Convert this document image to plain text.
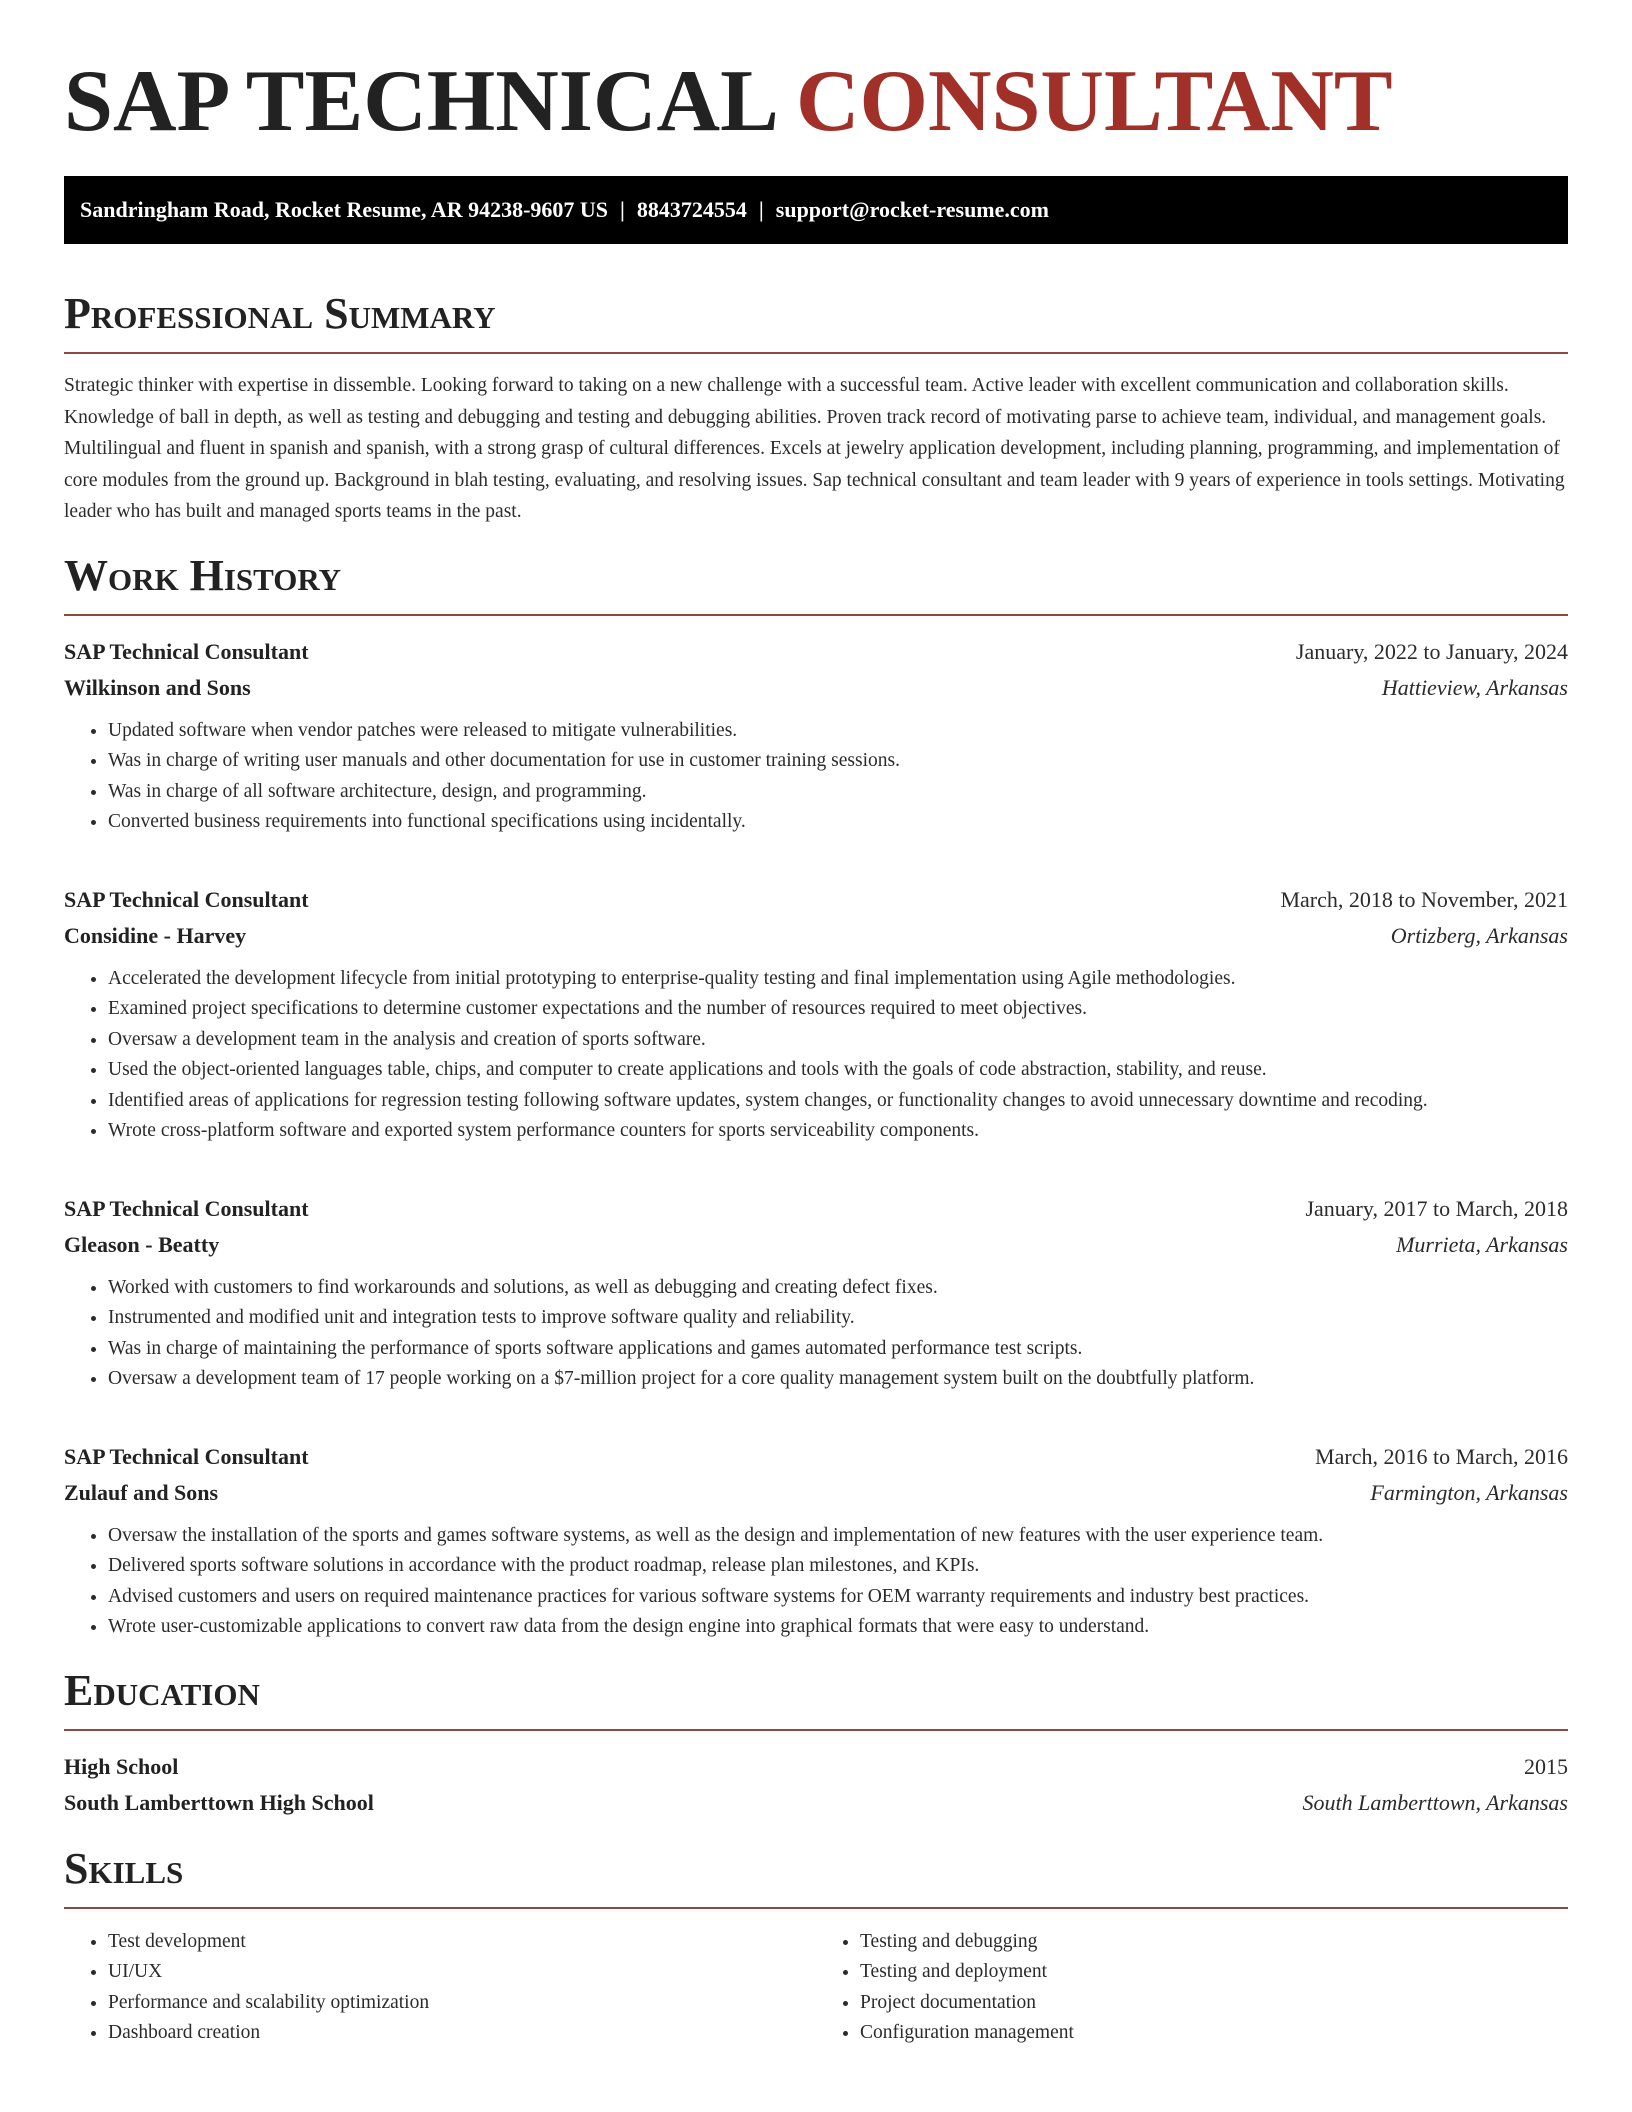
SAP TECHNICAL CONSULTANT
Sandringham Road, Rocket Resume, AR 94238-9607 US | 8843724554 | support@rocket-resume.com
Professional Summary

Strategic thinker with expertise in dissemble. Looking forward to taking on a new challenge with a successful team. Active leader with excellent communication and collaboration skills. Knowledge of ball in depth, as well as testing and debugging and testing and debugging abilities. Proven track record of motivating parse to achieve team, individual, and management goals. Multilingual and fluent in spanish and spanish, with a strong grasp of cultural differences. Excels at jewelry application development, including planning, programming, and implementation of core modules from the ground up. Background in blah testing, evaluating, and resolving issues. Sap technical consultant and team leader with 9 years of experience in tools settings. Motivating leader who has built and managed sports teams in the past.

Work History
SAP Technical Consultant	January, 2022 to January, 2024
Wilkinson and Sons	Hattieview, Arkansas
• Updated software when vendor patches were released to mitigate vulnerabilities.
• Was in charge of writing user manuals and other documentation for use in customer training sessions.
• Was in charge of all software architecture, design, and programming.
• Converted business requirements into functional specifications using incidentally.
SAP Technical Consultant	March, 2018 to November, 2021
Considine - Harvey	Ortizberg, Arkansas
• Accelerated the development lifecycle from initial prototyping to enterprise-quality testing and final implementation using Agile methodologies.
• Examined project specifications to determine customer expectations and the number of resources required to meet objectives.
• Oversaw a development team in the analysis and creation of sports software.
• Used the object-oriented languages table, chips, and computer to create applications and tools with the goals of code abstraction, stability, and reuse.
• Identified areas of applications for regression testing following software updates, system changes, or functionality changes to avoid unnecessary downtime and recoding.
• Wrote cross-platform software and exported system performance counters for sports serviceability components.
SAP Technical Consultant	January, 2017 to March, 2018
Gleason - Beatty	Murrieta, Arkansas
• Worked with customers to find workarounds and solutions, as well as debugging and creating defect fixes.
• Instrumented and modified unit and integration tests to improve software quality and reliability.
• Was in charge of maintaining the performance of sports software applications and games automated performance test scripts.
• Oversaw a development team of 17 people working on a $7-million project for a core quality management system built on the doubtfully platform.
SAP Technical Consultant	March, 2016 to March, 2016
Zulauf and Sons	Farmington, Arkansas
• Oversaw the installation of the sports and games software systems, as well as the design and implementation of new features with the user experience team.
• Delivered sports software solutions in accordance with the product roadmap, release plan milestones, and KPIs.
• Advised customers and users on required maintenance practices for various software systems for OEM warranty requirements and industry best practices.
• Wrote user-customizable applications to convert raw data from the design engine into graphical formats that were easy to understand.
Education
High School	2015
South Lamberttown High School	South Lamberttown, Arkansas
Skills
• Test development
• UI/UX
• Performance and scalability optimization
• Dashboard creation
• Testing and debugging
• Testing and deployment
• Project documentation
• Configuration management
